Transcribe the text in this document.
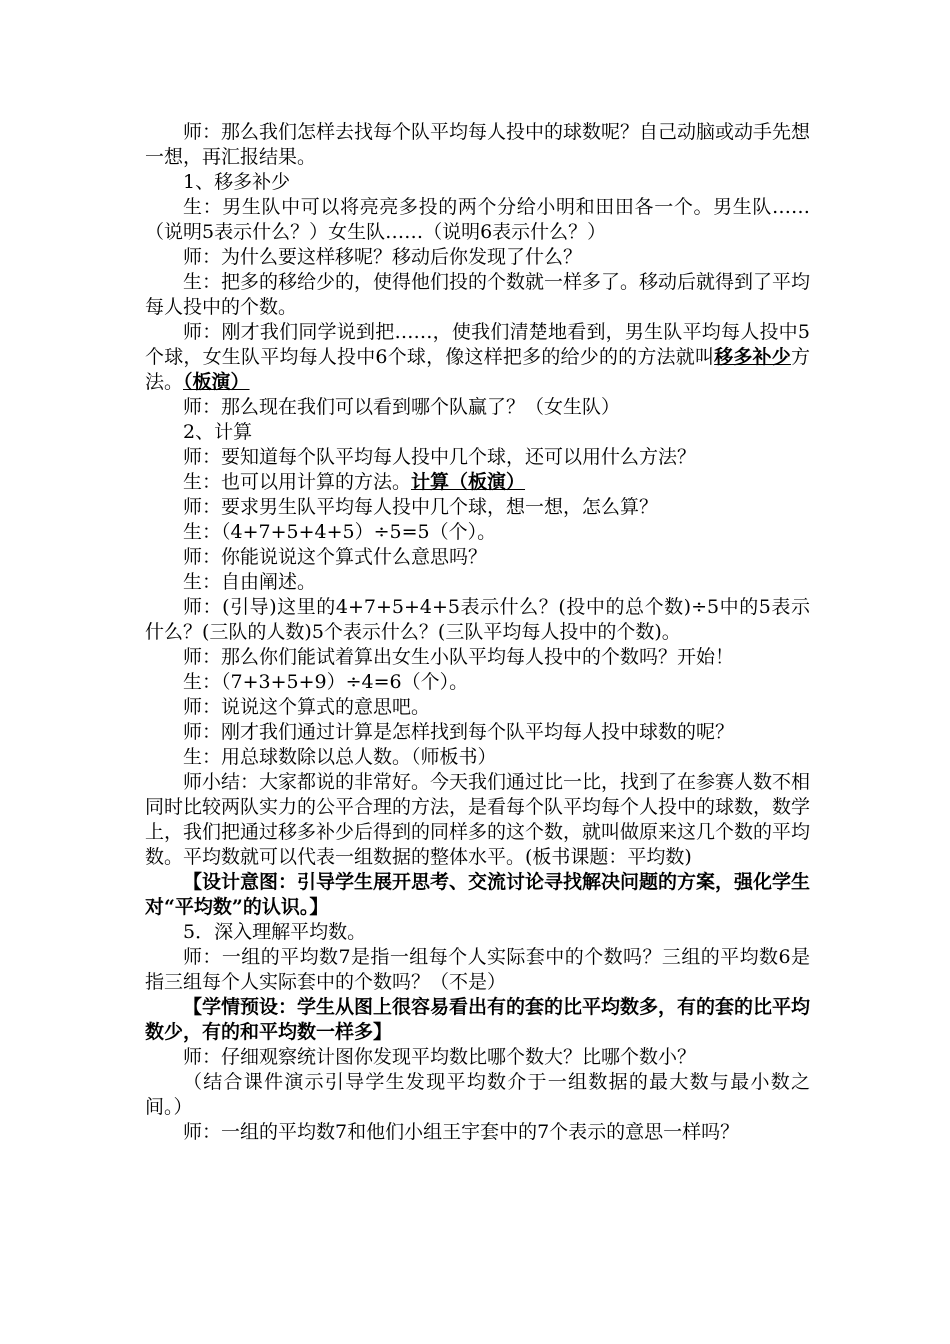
师：那么我们怎样去找每个队平均每人投中的球数呢？自己动脑或动手先想一想，再汇报结果。

1、移多补少

生：男生队中可以将亮亮多投的两个分给小明和田田各一个。男生队……（说明5表示什么？）女生队……（说明6表示什么？）

师：为什么要这样移呢？移动后你发现了什么？

生：把多的移给少的，使得他们投的个数就一样多了。移动后就得到了平均每人投中的个数。

师：刚才我们同学说到把……，使我们清楚地看到，男生队平均每人投中5个球，女生队平均每人投中6个球，像这样把多的给少的的方法就叫移多补少方法。（板演）

师：那么现在我们可以看到哪个队赢了？（女生队）

2、计算

师：要知道每个队平均每人投中几个球，还可以用什么方法？

生：也可以用计算的方法。计算（板演）

师：要求男生队平均每人投中几个球，想一想，怎么算？

生：（4+7+5+4+5）÷5=5（个）。

师：你能说说这个算式什么意思吗？

生：自由阐述。

师：(引导)这里的4+7+5+4+5表示什么？(投中的总个数)÷5中的5表示什么？(三队的人数)5个表示什么？(三队平均每人投中的个数)。

师：那么你们能试着算出女生小队平均每人投中的个数吗？开始！

生：（7+3+5+9）÷4=6（个）。

师：说说这个算式的意思吧。

师：刚才我们通过计算是怎样找到每个队平均每人投中球数的呢？

生：用总球数除以总人数。（师板书）

师小结：大家都说的非常好。今天我们通过比一比，找到了在参赛人数不相同时比较两队实力的公平合理的方法，是看每个队平均每个人投中的球数，数学上，我们把通过移多补少后得到的同样多的这个数，就叫做原来这几个数的平均数。平均数就可以代表一组数据的整体水平。(板书课题：平均数)

【设计意图：引导学生展开思考、交流讨论寻找解决问题的方案，强化学生对“平均数”的认识。】

5．深入理解平均数。

师：一组的平均数7是指一组每个人实际套中的个数吗？三组的平均数6是指三组每个人实际套中的个数吗？（不是）

【学情预设：学生从图上很容易看出有的套的比平均数多，有的套的比平均数少，有的和平均数一样多】

师：仔细观察统计图你发现平均数比哪个数大？比哪个数小？

（结合课件演示引导学生发现平均数介于一组数据的最大数与最小数之间。）

师：一组的平均数7和他们小组王宇套中的7个表示的意思一样吗？
